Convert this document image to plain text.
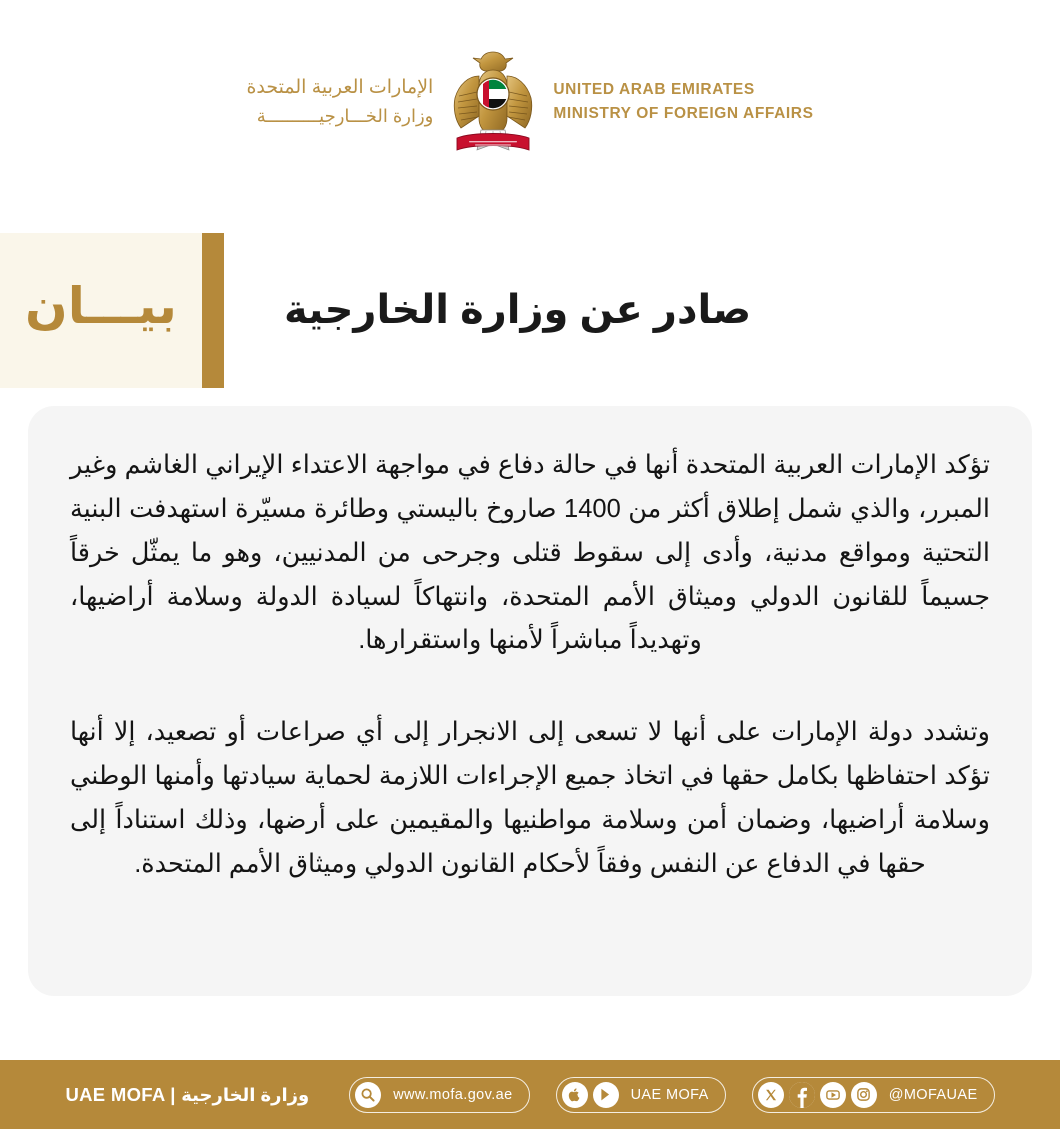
UNITED ARAB EMIRATES
MINISTRY OF FOREIGN AFFAIRS
الإمارات العربية المتحدة
وزارة الخـــارجيــــــــــة
صادر عن وزارة الخارجية
بيـــان

تؤكد الإمارات العربية المتحدة أنها في حالة دفاع في مواجهة الاعتداء الإيراني الغاشم وغير المبرر، والذي شمل إطلاق أكثر من 1400 صاروخ باليستي وطائرة مسيّرة استهدفت البنية التحتية ومواقع مدنية، وأدى إلى سقوط قتلى وجرحى من المدنيين، وهو ما يمثّل خرقاً جسيماً للقانون الدولي وميثاق الأمم المتحدة، وانتهاكاً لسيادة الدولة وسلامة أراضيها، وتهديداً مباشراً لأمنها واستقرارها.

وتشدد دولة الإمارات على أنها لا تسعى إلى الانجرار إلى أي صراعات أو تصعيد، إلا أنها تؤكد احتفاظها بكامل حقها في اتخاذ جميع الإجراءات اللازمة لحماية سيادتها وأمنها الوطني وسلامة أراضيها، وضمان أمن وسلامة مواطنيها والمقيمين على أرضها، وذلك استناداً إلى حقها في الدفاع عن النفس وفقاً لأحكام القانون الدولي وميثاق الأمم المتحدة.

UAE MOFA | وزارة الخارجية	www.mofa.gov.ae	UAE MOFA	@MOFAUAE
